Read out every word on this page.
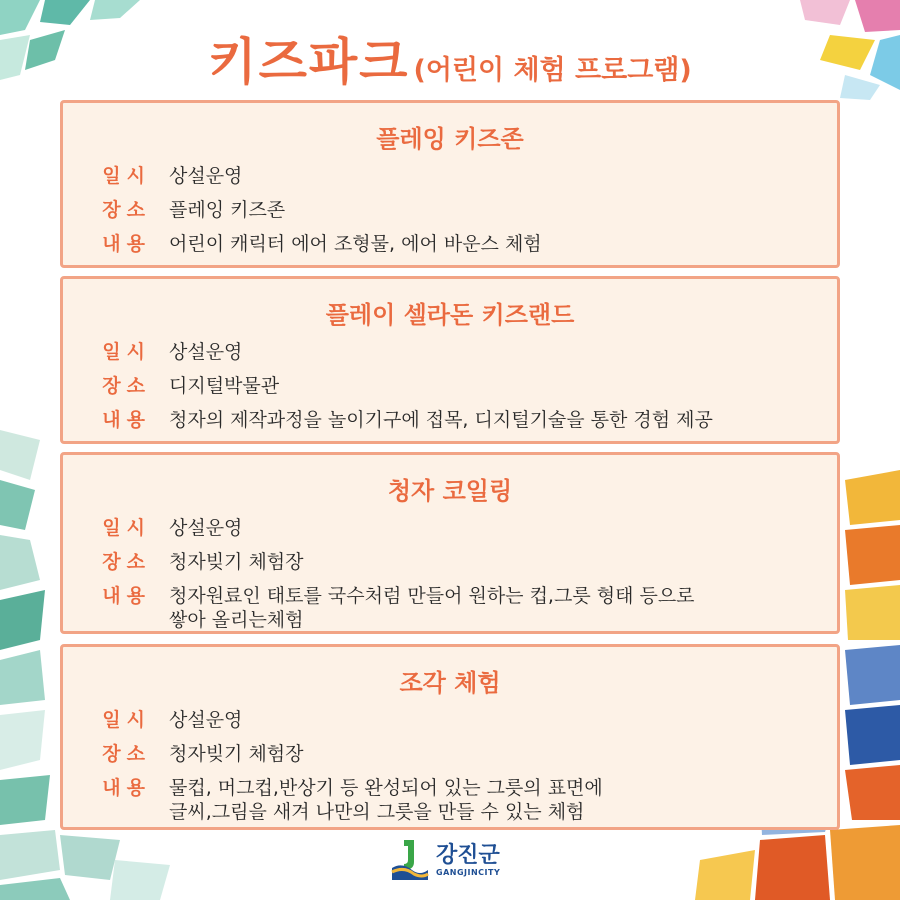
키즈파크 (어린이 체험 프로그램)
플레잉 키즈존
일시 상설운영
장소 플레잉 키즈존
내용 어린이 캐릭터 에어 조형물, 에어 바운스 체험
플레이 셀라돈 키즈랜드
일시 상설운영
장소 디지털박물관
내용 청자의 제작과정을 놀이기구에 접목, 디지털기술을 통한 경험 제공
청자 코일링
일시 상설운영
장소 청자빚기 체험장
내용 청자원료인 태토를 국수처럼 만들어 원하는 컵,그릇 형태 등으로
쌓아 올리는체험
조각 체험
일시 상설운영
장소 청자빚기 체험장
내용 물컵, 머그컵,반상기 등 완성되어 있는 그릇의 표면에
글씨,그림을 새겨 나만의 그릇을 만들 수 있는 체험
강진군
GANGJINCITY
